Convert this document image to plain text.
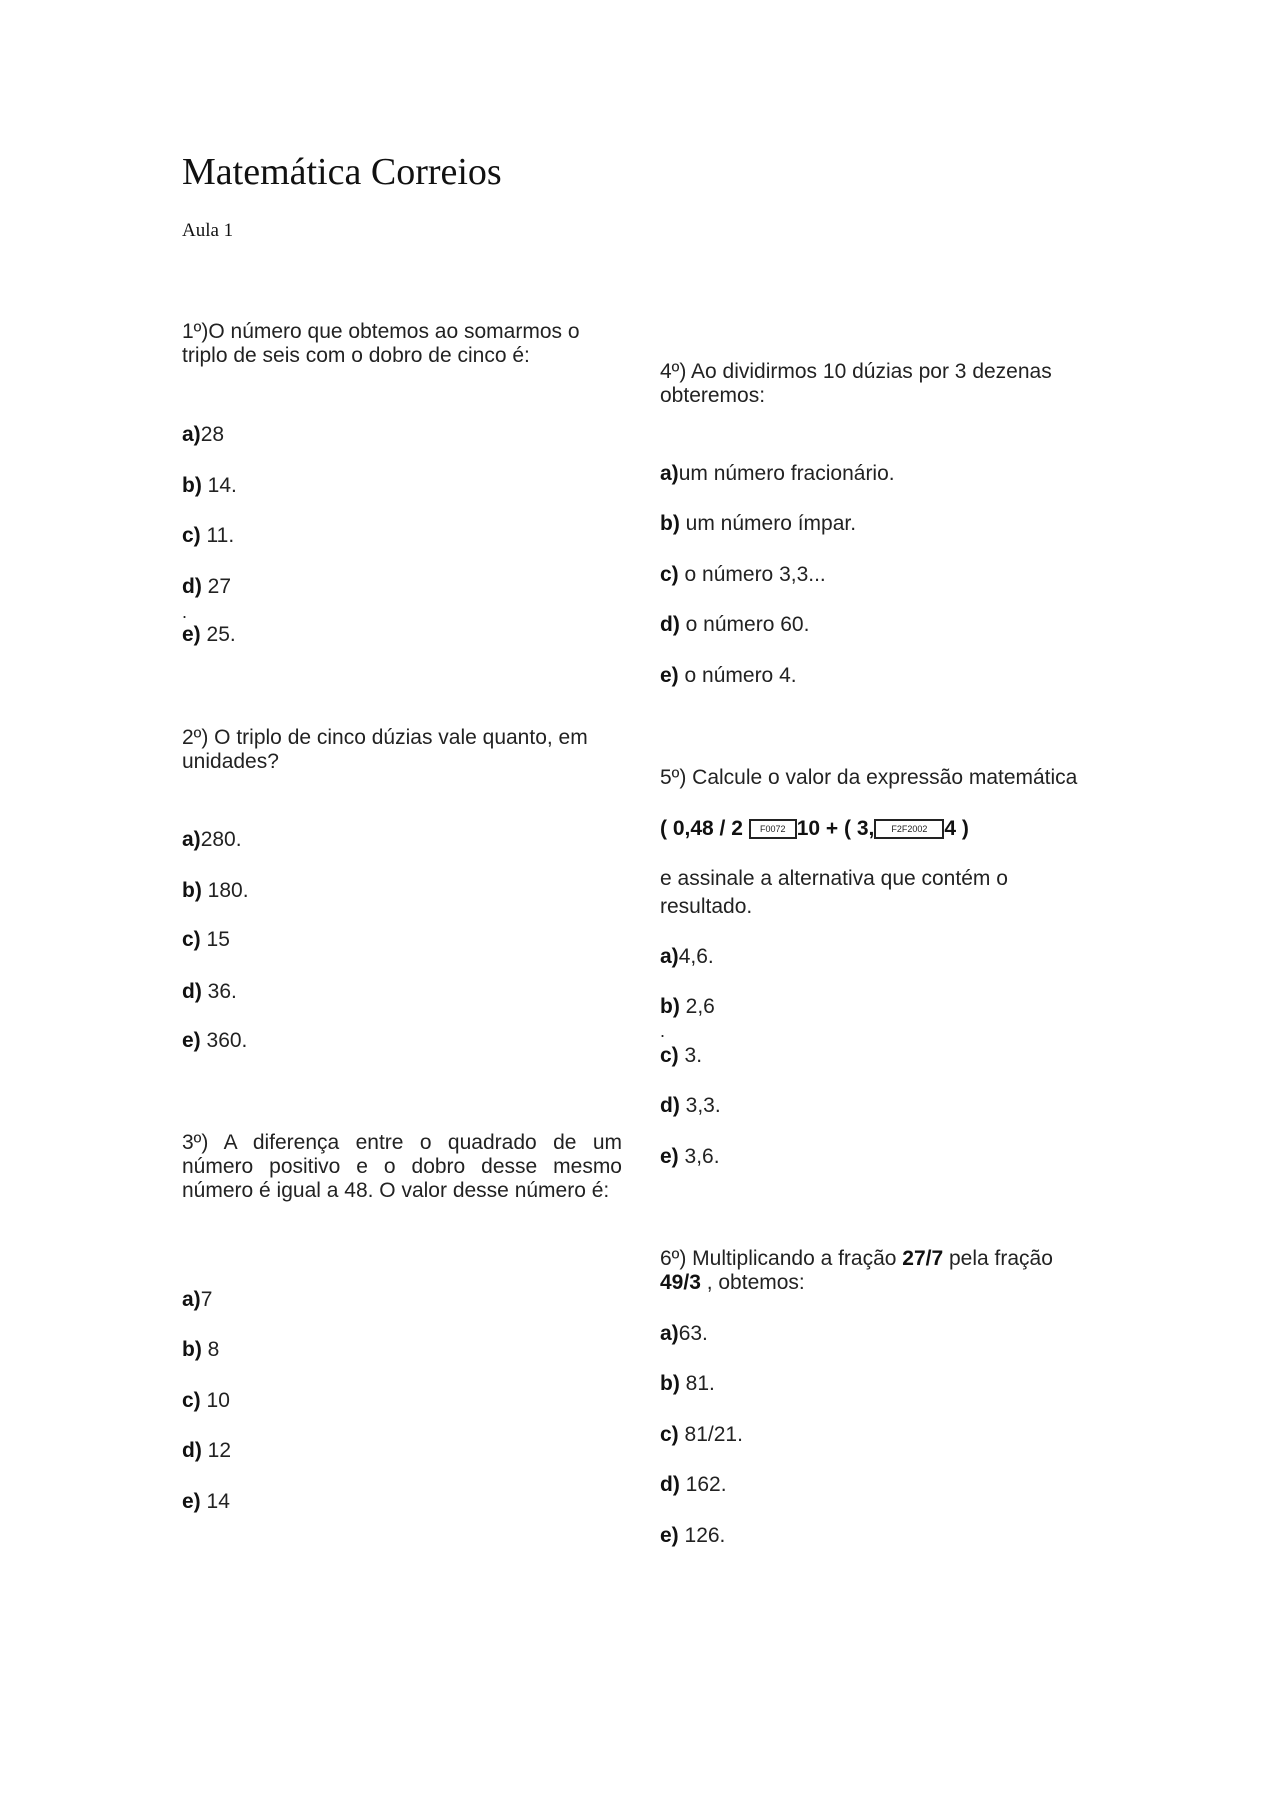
Matemática Correios
Aula 1
1º)O número que obtemos ao somarmos o
triplo de seis com o dobro de cinco é:
a)28
b) 14.
c) 11.
d) 27
.
e) 25.
2º) O triplo de cinco dúzias vale quanto, em
unidades?
a)280.
b) 180.
c) 15
d) 36.
e) 360.
3º) A diferença entre o quadrado de um
número positivo e o dobro desse mesmo
número é igual a 48. O valor desse número é:
a)7
b) 8
c) 10
d) 12
e) 14
4º) Ao dividirmos 10 dúzias por 3 dezenas
obteremos:
a)um número fracionário.
b) um número ímpar.
c) o número 3,3...
d) o número 60.
e) o número 4.
5º) Calcule o valor da expressão matemática
( 0,48 / 2 F0072 10 + ( 3, F2F2002 4 )
e assinale a alternativa que contém o
resultado.
a)4,6.
b) 2,6
.
c) 3.
d) 3,3.
e) 3,6.
6º) Multiplicando a fração 27/7 pela fração
49/3 , obtemos:
a)63.
b) 81.
c) 81/21.
d) 162.
e) 126.
